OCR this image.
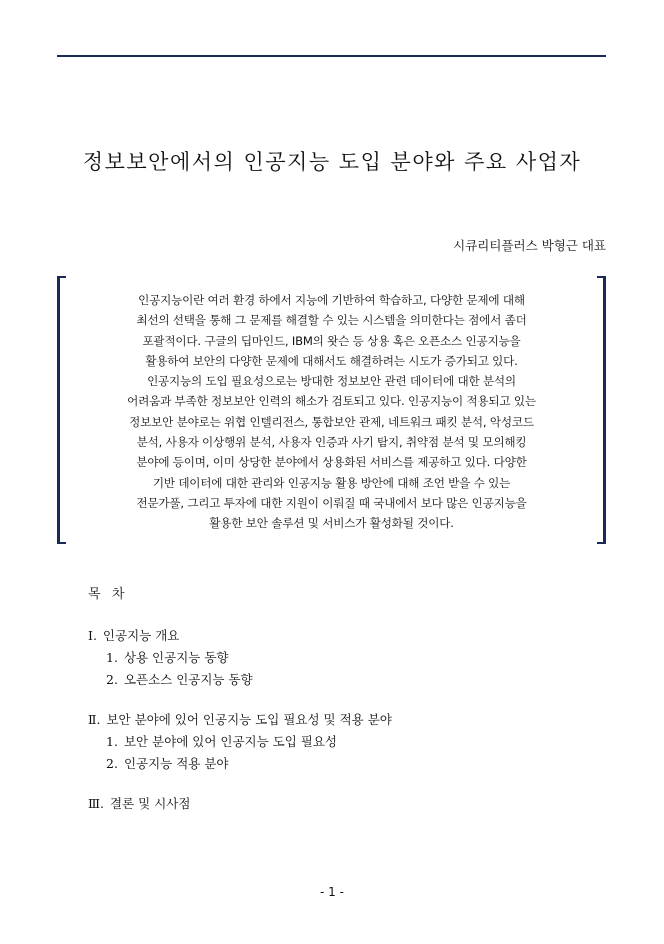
정보보안에서의 인공지능 도입 분야와 주요 사업자
시큐리티플러스 박형근 대표
인공지능이란 여러 환경 하에서 지능에 기반하여 학습하고, 다양한 문제에 대해
최선의 선택을 통해 그 문제를 해결할 수 있는 시스템을 의미한다는 점에서 좀더
포괄적이다. 구글의 딥마인드, IBM의 왓슨 등 상용 혹은 오픈소스 인공지능을
활용하여 보안의 다양한 문제에 대해서도 해결하려는 시도가 증가되고 있다.
인공지능의 도입 필요성으로는 방대한 정보보안 관련 데이터에 대한 분석의
어려움과 부족한 정보보안 인력의 해소가 검토되고 있다. 인공지능이 적용되고 있는
정보보안 분야로는 위협 인텔리전스, 통합보안 관제, 네트워크 패킷 분석, 악성코드
분석, 사용자 이상행위 분석, 사용자 인증과 사기 탐지, 취약점 분석 및 모의해킹
분야에 등이며, 이미 상당한 분야에서 상용화된 서비스를 제공하고 있다. 다양한
기반 데이터에 대한 관리와 인공지능 활용 방안에 대해 조언 받을 수 있는
전문가풀, 그리고 투자에 대한 지원이 이뤄질 때 국내에서 보다 많은 인공지능을
활용한 보안 솔루션 및 서비스가 활성화될 것이다.
목  차
Ⅰ. 인공지능 개요
1. 상용 인공지능 동향
2. 오픈소스 인공지능 동향
Ⅱ. 보안 분야에 있어 인공지능 도입 필요성 및 적용 분야
1. 보안 분야에 있어 인공지능 도입 필요성
2. 인공지능 적용 분야
Ⅲ. 결론 및 시사점
- 1 -
